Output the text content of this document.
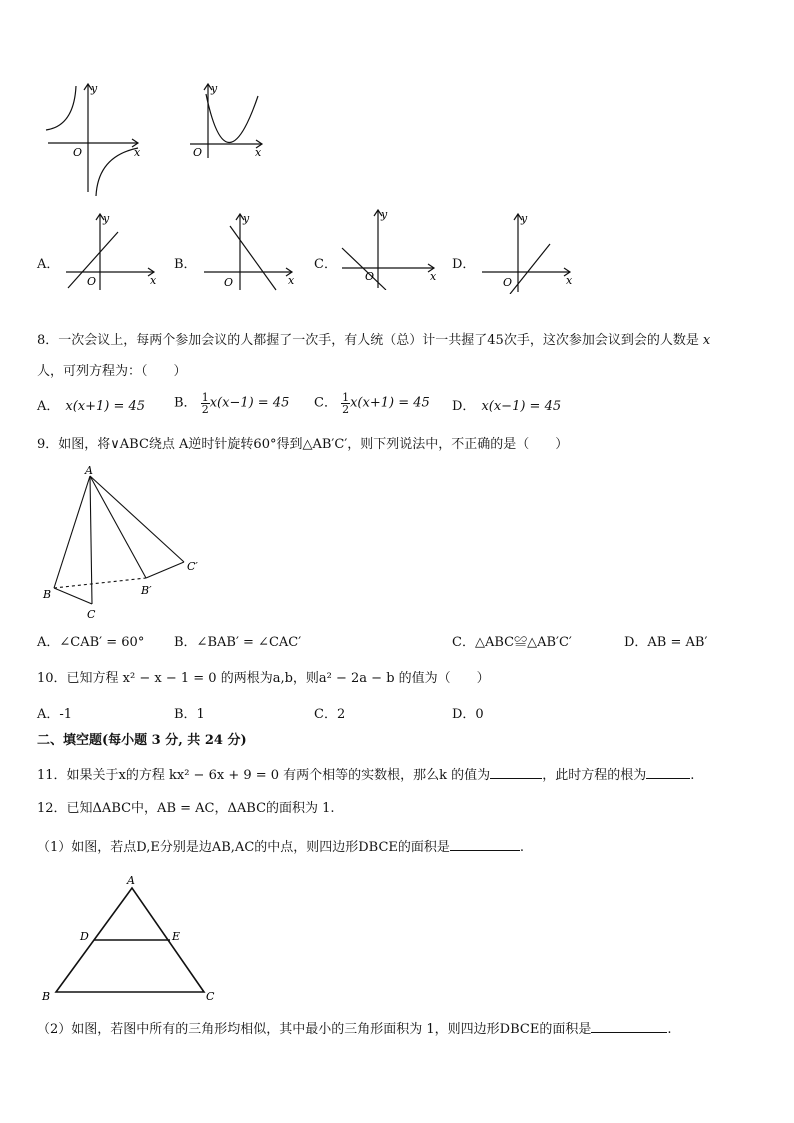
y
x
O
y
x
O
A．
y
x
O
B．
y
x
O
C．
y
x
O
D．
y
x
O
8．一次会议上，每两个参加会议的人都握了一次手，有人统（总）计一共握了45次手，这次参加会议到会的人数是 x
人，可列方程为：（　　）
A． x(x+1) = 45 B． $\frac{1}{2} x(x-1) = 45$ C． $\frac{1}{2} x(x+1) = 45$ D． x(x−1) = 45
9．如图，将∨ABC绕点 A逆时针旋转60°得到△AB′C′，则下列说法中，不正确的是（　　）
A
B
C
B′
C′
A．∠CAB′ = 60° B．∠BAB′ = ∠CAC′	C．△ABC≌△AB′C′	D．AB = AB′
10．已知方程 x² − x − 1 = 0 的两根为a,b，则a² − 2a − b 的值为（　　）
A．-1	B．1	C．2	D．0
二、填空题(每小题 3 分, 共 24 分)
11．如果关于x的方程 kx² − 6x + 9 = 0 有两个相等的实数根，那么k 的值为	，此时方程的根为	.
12．已知ΔABC中，AB = AC，ΔABC的面积为 1.
（1）如图，若点D,E分别是边AB,AC的中点，则四边形DBCE的面积是	.
A
B	C
D	E
（2）如图，若图中所有的三角形均相似，其中最小的三角形面积为 1，则四边形DBCE的面积是	.
